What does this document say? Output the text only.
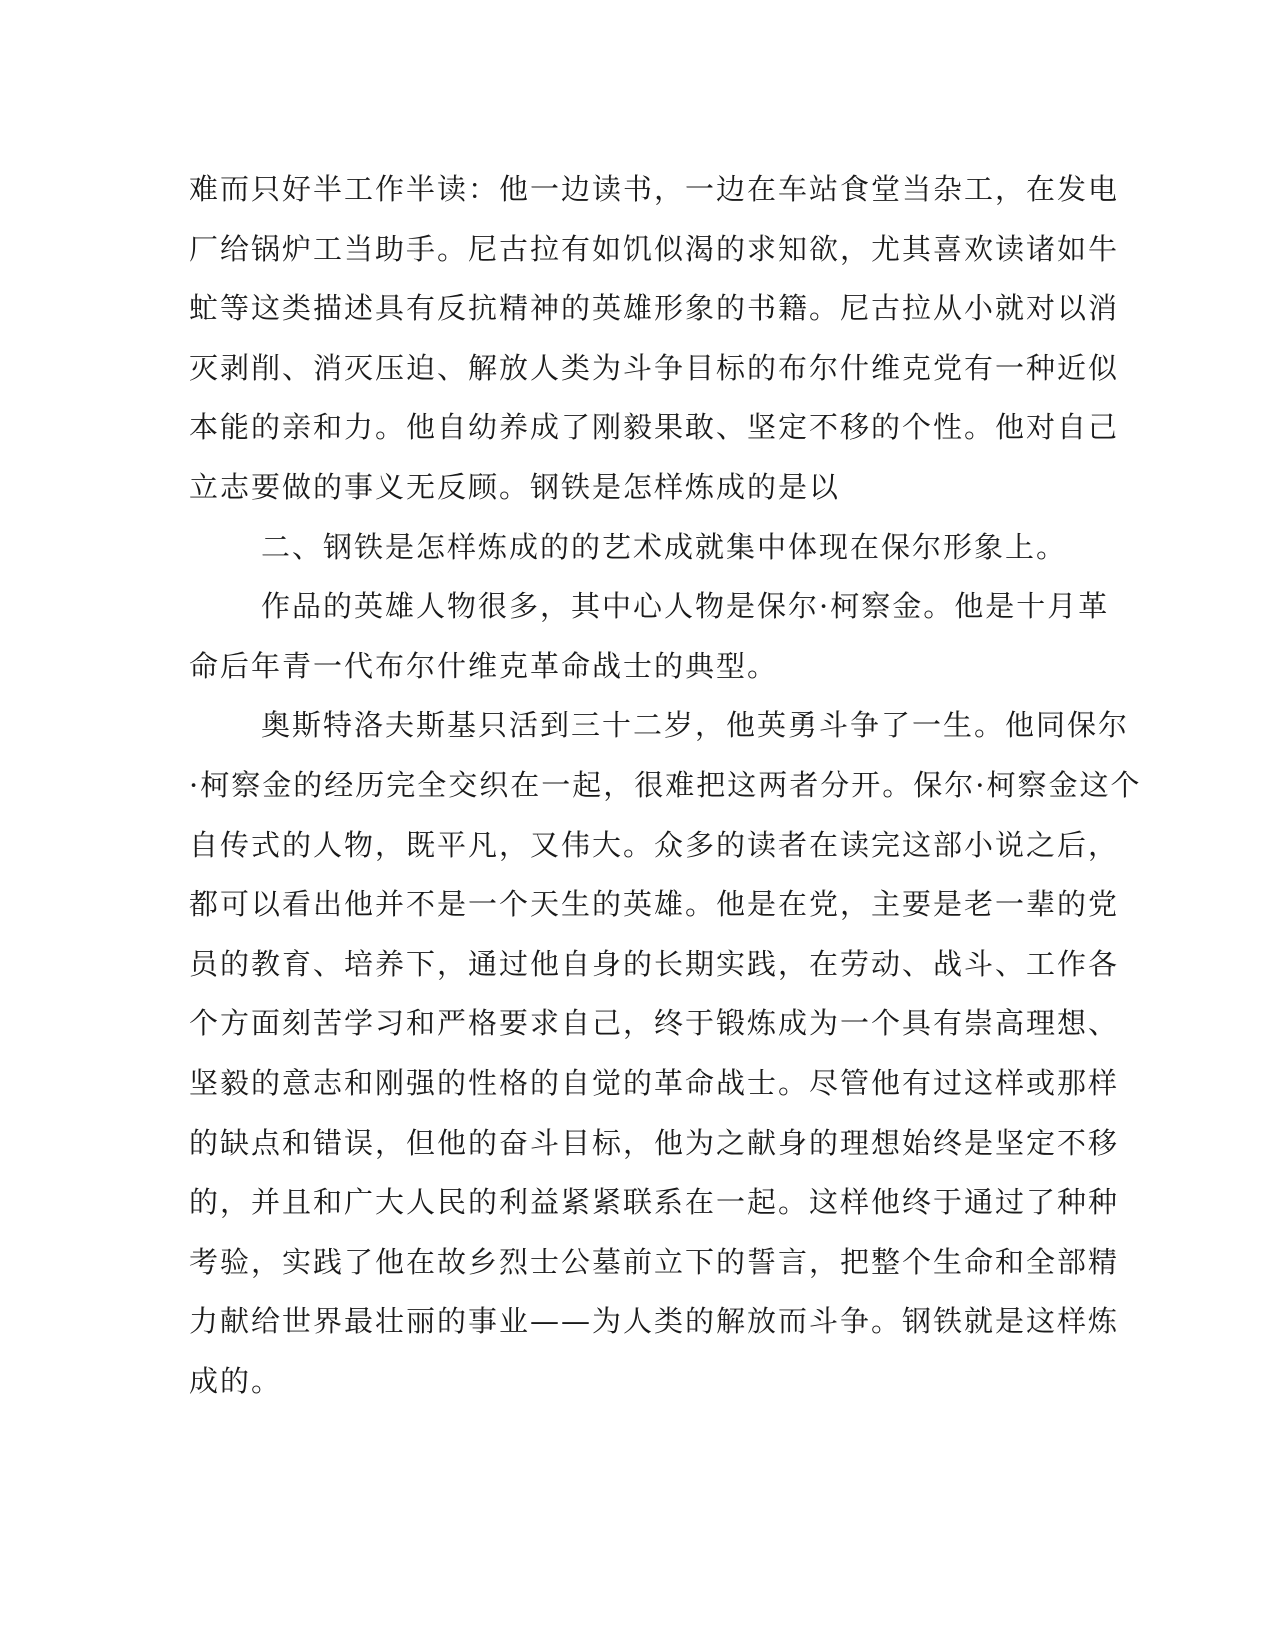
难而只好半工作半读：他一边读书，一边在车站食堂当杂工，在发电
厂给锅炉工当助手。尼古拉有如饥似渴的求知欲，尤其喜欢读诸如牛
虻等这类描述具有反抗精神的英雄形象的书籍。尼古拉从小就对以消
灭剥削、消灭压迫、解放人类为斗争目标的布尔什维克党有一种近似
本能的亲和力。他自幼养成了刚毅果敢、坚定不移的个性。他对自己
立志要做的事义无反顾。钢铁是怎样炼成的是以
二、钢铁是怎样炼成的的艺术成就集中体现在保尔形象上。
作品的英雄人物很多，其中心人物是保尔·柯察金。他是十月革
命后年青一代布尔什维克革命战士的典型。
奥斯特洛夫斯基只活到三十二岁，他英勇斗争了一生。他同保尔
·柯察金的经历完全交织在一起，很难把这两者分开。保尔·柯察金这个
自传式的人物，既平凡，又伟大。众多的读者在读完这部小说之后，
都可以看出他并不是一个天生的英雄。他是在党，主要是老一辈的党
员的教育、培养下，通过他自身的长期实践，在劳动、战斗、工作各
个方面刻苦学习和严格要求自己，终于锻炼成为一个具有崇高理想、
坚毅的意志和刚强的性格的自觉的革命战士。尽管他有过这样或那样
的缺点和错误，但他的奋斗目标，他为之献身的理想始终是坚定不移
的，并且和广大人民的利益紧紧联系在一起。这样他终于通过了种种
考验，实践了他在故乡烈士公墓前立下的誓言，把整个生命和全部精
力献给世界最壮丽的事业——为人类的解放而斗争。钢铁就是这样炼
成的。
